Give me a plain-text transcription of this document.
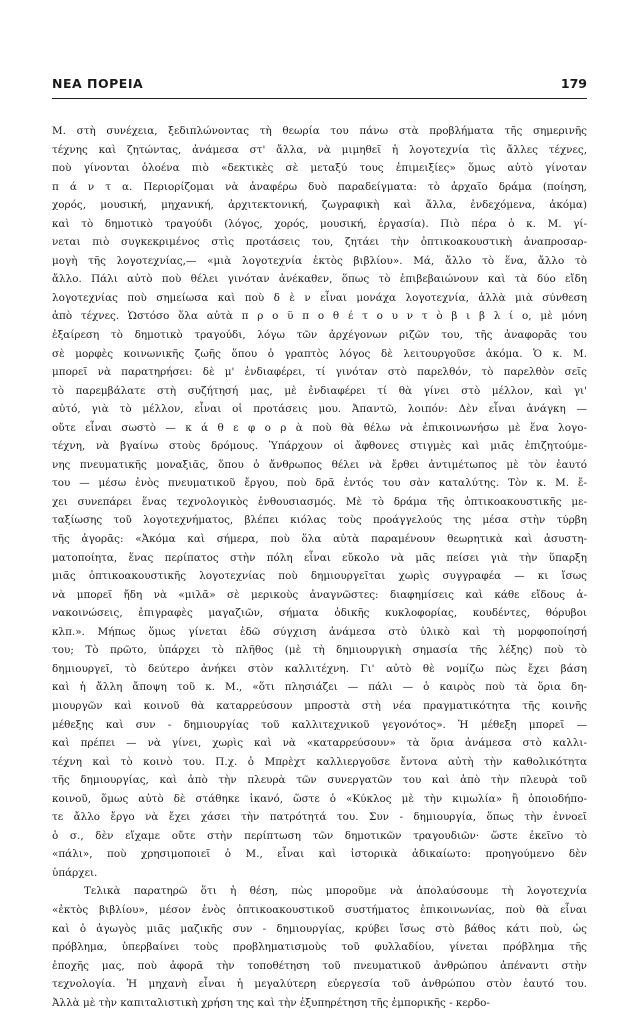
ΝΕΑ ΠΟΡΕΙΑ	179
Μ. στὴ συνέχεια, ξεδιπλώνοντας τὴ θεωρία του πάνω στὰ προβλήματα τῆς σημερινῆς
τέχνης καὶ ζητώντας, ἀνάμεσα στ' ἄλλα, νὰ μιμηθεῖ ἡ λογοτεχνία τὶς ἄλλες τέχνες,
ποὺ γίνονται ὁλοένα πιὸ «δεκτικὲς σὲ μεταξύ τους ἐπιμειξίες» ὅμως αὐτὸ γίνοταν
π ά ν τ α. Περιορίζομαι νὰ ἀναφέρω δυὸ παραδείγματα: τὸ ἀρχαῖο δράμα (ποίηση,
χορός, μουσική, μηχανική, ἀρχιτεκτονική, ζωγραφικὴ καὶ ἄλλα, ἐνδεχόμενα, ἀκόμα)
καὶ τὸ δημοτικὸ τραγούδι (λόγος, χορός, μουσική, ἐργασία). Πιὸ πέρα ὁ κ. Μ. γί-
νεται πιὸ συγκεκριμένος στὶς προτάσεις του, ζητάει τὴν ὀπτικοακουστικὴ ἀναπροσαρ-
μογὴ τῆς λογοτεχνίας,— «μιὰ λογοτεχνία ἐκτὸς βιβλίου». Μά, ἄλλο τὸ ἕνα, ἄλλο τὸ
ἄλλο. Πάλι αὐτὸ ποὺ θέλει γινόταν ἀνέκαθεν, ὅπως τὸ ἐπιβεβαιώνουν καὶ τὰ δύο εἴδη
λογοτεχνίας ποὺ σημείωσα καὶ ποὺ δ ὲ ν εἶναι μονάχα λογοτεχνία, ἀλλὰ μιὰ σύνθεση
ἀπὸ τέχνες. Ὡστόσο ὅλα αὐτὰ π ρ ο ϋ π ο θ έ τ ο υ ν τ ὸ β ι β λ ί ο, μὲ μόνη
ἐξαίρεση τὸ δημοτικὸ τραγούδι, λόγω τῶν ἀρχέγονων ριζῶν του, τῆς ἀναφορᾶς του
σὲ μορφὲς κοινωνικῆς ζωῆς ὅπου ὁ γραπτὸς λόγος δὲ λειτουργοῦσε ἀκόμα. Ὁ κ. Μ.
μπορεῖ νὰ παρατηρήσει: δὲ μ' ἐνδιαφέρει, τί γινόταν στὸ παρελθόν, τὸ παρελθὸν σεῖς
τὸ παρεμβάλατε στὴ συζήτησή μας, μὲ ἐνδιαφέρει τί θὰ γίνει στὸ μέλλον, καὶ γι'
αὐτό, γιὰ τὸ μέλλον, εἶναι οἱ προτάσεις μου. Ἀπαντῶ, λοιπόν: Δὲν εἶναι ἀνάγκη —
οὔτε εἶναι σωστὸ — κ ά θ ε φ ο ρ ὰ ποὺ θὰ θέλω νὰ ἐπικοινωνήσω μὲ ἕνα λογο-
τέχνη, νὰ βγαίνω στοὺς δρόμους. Ὑπάρχουν οἱ ἄφθονες στιγμὲς καὶ μιᾶς ἐπιζητούμε-
νης πνευματικῆς μοναξιᾶς, ὅπου ὁ ἄνθρωπος θέλει νὰ ἔρθει ἀντιμέτωπος μὲ τὸν ἑαυτό
του — μέσω ἑνὸς πνευματικοῦ ἔργου, ποὺ δρᾶ ἐντός του σὰν καταλύτης. Τὸν κ. Μ. ἔ-
χει συνεπάρει ἕνας τεχνολογικὸς ἐνθουσιασμός. Μὲ τὸ δράμα τῆς ὀπτικοακουστικῆς με-
ταξίωσης τοῦ λογοτεχνήματος, βλέπει κιόλας τοὺς προάγγελούς της μέσα στὴν τύρβη
τῆς ἀγορᾶς: «Ἀκόμα καὶ σήμερα, ποὺ ὅλα αὐτὰ παραμένουν θεωρητικὰ καὶ ἀσυστη-
ματοποίητα, ἕνας περίπατος στὴν πόλη εἶναι εὔκολο νὰ μᾶς πείσει γιὰ τὴν ὕπαρξη
μιᾶς ὀπτικοακουστικῆς λογοτεχνίας ποὺ δημιουργεῖται χωρὶς συγγραφέα — κι ἴσως
νὰ μπορεῖ ἤδη νὰ «μιλᾶ» σὲ μερικοὺς ἀναγνῶστες: διαφημίσεις καὶ κάθε εἴδους ἀ-
νακοινώσεις, ἐπιγραφὲς μαγαζιῶν, σήματα ὁδικῆς κυκλοφορίας, κουδέντες, θόρυβοι
κλπ.». Μήπως ὅμως γίνεται ἐδῶ σύγχιση ἀνάμεσα στὸ ὑλικὸ καὶ τὴ μορφοποίησή
του; Τὸ πρῶτο, ὑπάρχει τὸ πλῆθος (μὲ τὴ δημιουργικὴ σημασία τῆς λέξης) ποὺ τὸ
δημιουργεῖ, τὸ δεύτερο ἀνήκει στὸν καλλιτέχνη. Γι' αὐτὸ θὲ νομίζω πὼς ἔχει βάση
καὶ ἡ ἄλλη ἄποψη τοῦ κ. Μ., «ὅτι πλησιάζει — πάλι — ὁ καιρὸς ποὺ τὰ ὅρια δη-
μιουργῶν καὶ κοινοῦ θὰ καταρρεύσουν μπροστὰ στὴ νέα πραγματικότητα τῆς κοινῆς
μέθεξης καὶ συν - δημιουργίας τοῦ καλλιτεχνικοῦ γεγονότος». Ἡ μέθεξη μπορεῖ —
καὶ πρέπει — νὰ γίνει, χωρὶς καὶ νὰ «καταρρεύσουν» τὰ ὅρια ἀνάμεσα στὸ καλλι-
τέχνη καὶ τὸ κοινὸ του. Π.χ. ὁ Μπρὲχτ καλλιεργοῦσε ἔντονα αὐτὴ τὴν καθολικότητα
τῆς δημιουργίας, καὶ ἀπὸ τὴν πλευρὰ τῶν συνεργατῶν του καὶ ἀπὸ τὴν πλευρὰ τοῦ
κοινοῦ, ὅμως αὐτὸ δὲ στάθηκε ἱκανό, ὥστε ὁ «Κύκλος μὲ τὴν κιμωλία» ἢ ὁποιοδήπο-
τε ἄλλο ἔργο νὰ ἔχει χάσει τὴν πατρότητά του. Συν - δημιουργία, ὅπως τὴν ἐννοεῖ
ὁ σ., δὲν εἴχαμε οὔτε στὴν περίπτωση τῶν δημοτικῶν τραγουδιῶν· ὥστε ἐκεῖνο τὸ
«πάλι», ποὺ χρησιμοποιεῖ ὁ Μ., εἶναι καὶ ἱστορικὰ ἀδικαίωτο: προηγούμενο δὲν
ὑπάρχει.
Τελικὰ παρατηρῶ ὅτι ἡ θέση, πὼς μποροῦμε νὰ ἀπολαύσουμε τὴ λογοτεχνία
«ἐκτὸς βιβλίου», μέσον ἑνὸς ὀπτικοακουστικοῦ συστήματος ἐπικοινωνίας, ποὺ θὰ εἶναι
καὶ ὁ ἀγωγὸς μιᾶς μαζικῆς συν - δημιουργίας, κρύβει ἴσως στὸ βάθος κάτι ποὺ, ὡς
πρόβλημα, ὑπερβαίνει τοὺς προβληματισμοὺς τοῦ φυλλαδίου, γίνεται πρόβλημα τῆς
ἐποχῆς μας, ποὺ ἀφορᾶ τὴν τοποθέτηση τοῦ πνευματικοῦ ἀνθρώπου ἀπέναντι στὴν
τεχνολογία. Ἡ μηχανὴ εἶναι ἡ μεγαλύτερη εὐεργεσία τοῦ ἀνθρώπου στὸν ἑαυτό του.
Ἀλλὰ μὲ τὴν καπιταλιστικὴ χρήση της καὶ τὴν ἐξυπηρέτηση τῆς ἐμπορικῆς - κερδο-
